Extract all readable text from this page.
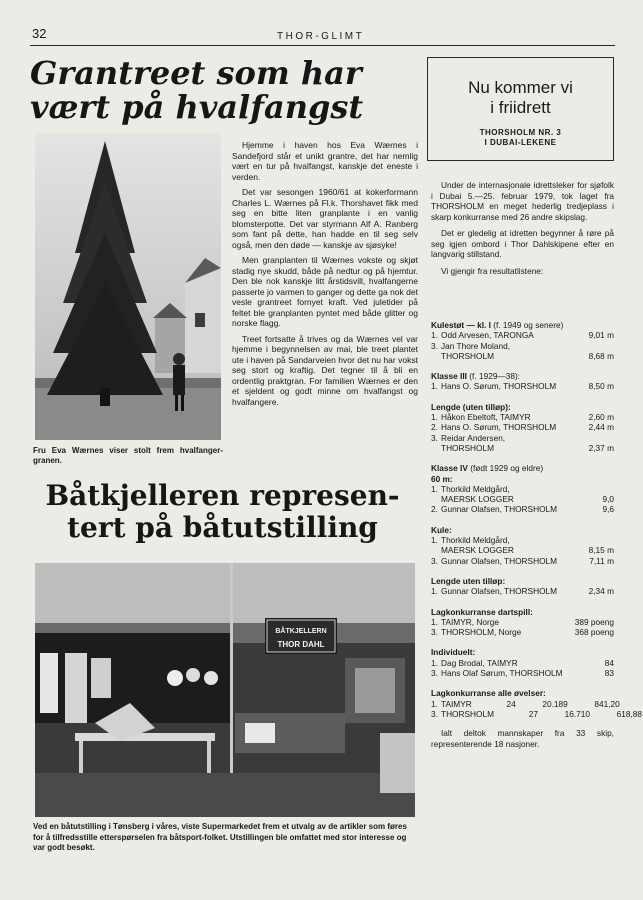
32	THOR-GLIMT
Grantreet som har vært på hvalfangst
Fru Eva Wærnes viser stolt frem hvalfanger-granen.

Hjemme i haven hos Eva Wærnes i Sandefjord står et unikt grantre, det har nemlig vært en tur på hvalfangst, kanskje det eneste i verden.

Det var sesongen 1960/61 at kokerformann Charles L. Wærnes på Fl.k. Thorshavet fikk med seg en bitte liten granplante i en vanlig blomsterpotte. Det var styrmann Alf A. Ranberg som fant på dette, han hadde en til seg selv også, men den døde — kanskje av sjøsyke!

Men granplanten til Wærnes vokste og skjøt stadig nye skudd, både på nedtur og på hjemtur. Den ble nok kanskje litt årstidsvill, hvalfangerne passerte jo varmen to ganger og dette ga nok det vesle grantreet fornyet kraft. Ved juletider på feltet ble granplanten pyntet med både glitter og norske flagg.

Treet fortsatte å trives og da Wærnes vel var hjemme i begynnelsen av mai, ble treet plantet ute i haven på Sandarveien hvor det nu har vokst seg stort og kraftig. Det tegner til å bli en ordentlig praktgran. For familien Wærnes er den et sjeldent og godt minne om hvalfangst og hvalfangere.

Båtkjelleren represen-
tert på båtutstilling
BÅTKJELLERN
THOR DAHL
Ved en båtutstilling i Tønsberg i våres, viste Supermarkedet frem et utvalg av de artikler som føres for å tilfredsstille etterspørselen fra båtsport-folket. Utstillingen ble omfattet med stor interesse og var godt besøkt.
Nu kommer vi
i friidrett
THORSHOLM NR. 3
I DUBAI-LEKENE

Under de internasjonale idrettsleker for sjøfolk i Dubai 5.—25. februar 1979, tok laget fra THORSHOLM en meget hederlig tredjeplass i skarp konkurranse med 26 andre skipslag.

Det er gledelig at idretten begynner å røre på seg igjen ombord i Thor Dahlskipene efter en langvarig stillstand.

Vi gjengir fra resultatlistene:

Kulestøt — kl. I (f. 1949 og senere)
1. Odd Arvesen, TARONGA	9,01 m
3. Jan Thore Moland,
THORSHOLM	8,68 m
Klasse III (f. 1929—38):
1. Hans O. Sørum, THORSHOLM	8,50 m
Lengde (uten tilløp):
1. Håkon Ebeltoft, TAIMYR	2,60 m
2. Hans O. Sørum, THORSHOLM	2,44 m
3. Reidar Andersen,
THORSHOLM	2,37 m
Klasse IV (født 1929 og eldre)
60 m:
1. Thorkild Meldgård,
MAERSK LOGGER	9,0
2. Gunnar Olafsen, THORSHOLM	9,6
Kule:
1. Thorkild Meldgård,
MAERSK LOGGER	8,15 m
3. Gunnar Olafsen, THORSHOLM	7,11 m
Lengde uten tilløp:
1. Gunnar Olafsen, THORSHOLM	2,34 m
Lagkonkurranse dartspill:
1. TAIMYR, Norge	389 poeng
3. THORSHOLM, Norge	368 poeng
Individuelt:
1. Dag Brodal, TAIMYR	84
3. Hans Olaf Sørum, THORSHOLM	83
Lagkonkurranse alle øvelser:
1. TAIMYR	24	20.189	841,20
3. THORSHOLM	27	16.710	618,88
Ialt deltok mannskaper fra 33 skip, representerende 18 nasjoner.
